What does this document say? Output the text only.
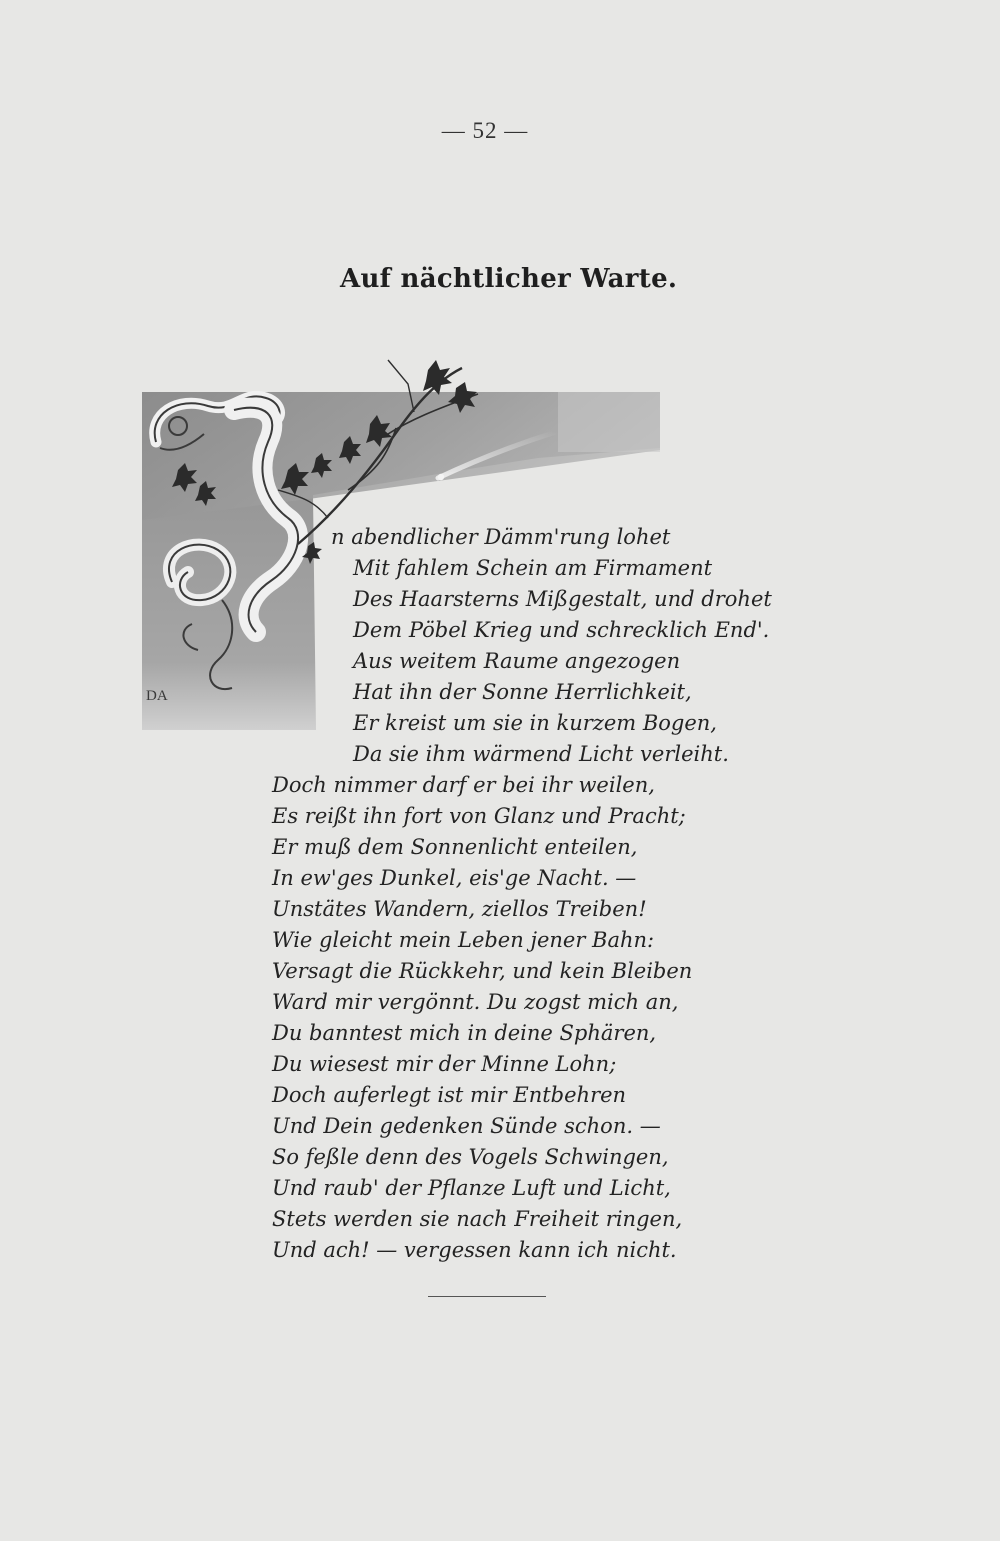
— 52 —
Auf nächtlicher Warte.
DA

n abendlicher Dämm'rung lohet

Mit fahlem Schein am Firmament

Des Haarsterns Mißgestalt, und drohet

Dem Pöbel Krieg und schrecklich End'.

Aus weitem Raume angezogen

Hat ihn der Sonne Herrlichkeit,

Er kreist um sie in kurzem Bogen,

Da sie ihm wärmend Licht verleiht.

Doch nimmer darf er bei ihr weilen,

Es reißt ihn fort von Glanz und Pracht;

Er muß dem Sonnenlicht enteilen,

In ew'ges Dunkel, eis'ge Nacht. —

Unstätes Wandern, ziellos Treiben!

Wie gleicht mein Leben jener Bahn:

Versagt die Rückkehr, und kein Bleiben

Ward mir vergönnt. Du zogst mich an,

Du banntest mich in deine Sphären,

Du wiesest mir der Minne Lohn;

Doch auferlegt ist mir Entbehren

Und Dein gedenken Sünde schon. —

So feßle denn des Vogels Schwingen,

Und raub' der Pflanze Luft und Licht,

Stets werden sie nach Freiheit ringen,

Und ach! — vergessen kann ich nicht.
